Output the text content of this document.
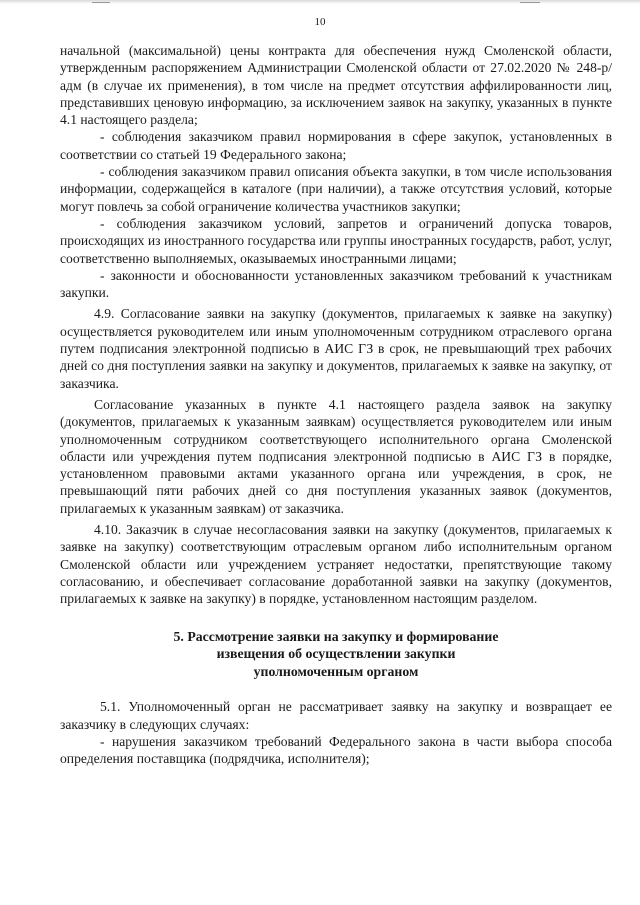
10

начальной (максимальной) цены контракта для обеспечения нужд Смоленской области, утвержденным распоряжением Администрации Смоленской области от 27.02.2020 № 248-р/адм (в случае их применения), в том числе на предмет отсутствия аффилированности лиц, представивших ценовую информацию, за исключением заявок на закупку, указанных в пункте 4.1 настоящего раздела;

- соблюдения заказчиком правил нормирования в сфере закупок, установленных в соответствии со статьей 19 Федерального закона;

- соблюдения заказчиком правил описания объекта закупки, в том числе использования информации, содержащейся в каталоге (при наличии), а также отсутствия условий, которые могут повлечь за собой ограничение количества участников закупки;

- соблюдения заказчиком условий, запретов и ограничений допуска товаров, происходящих из иностранного государства или группы иностранных государств, работ, услуг, соответственно выполняемых, оказываемых иностранными лицами;

- законности и обоснованности установленных заказчиком требований к участникам закупки.

4.9. Согласование заявки на закупку (документов, прилагаемых к заявке на закупку) осуществляется руководителем или иным уполномоченным сотрудником отраслевого органа путем подписания электронной подписью в АИС ГЗ в срок, не превышающий трех рабочих дней со дня поступления заявки на закупку и документов, прилагаемых к заявке на закупку, от заказчика.

Согласование указанных в пункте 4.1 настоящего раздела заявок на закупку (документов, прилагаемых к указанным заявкам) осуществляется руководителем или иным уполномоченным сотрудником соответствующего исполнительного органа Смоленской области или учреждения путем подписания электронной подписью в АИС ГЗ в порядке, установленном правовыми актами указанного органа или учреждения, в срок, не превышающий пяти рабочих дней со дня поступления указанных заявок (документов, прилагаемых к указанным заявкам) от заказчика.

4.10. Заказчик в случае несогласования заявки на закупку (документов, прилагаемых к заявке на закупку) соответствующим отраслевым органом либо исполнительным органом Смоленской области или учреждением устраняет недостатки, препятствующие такому согласованию, и обеспечивает согласование доработанной заявки на закупку (документов, прилагаемых к заявке на закупку) в порядке, установленном настоящим разделом.

5. Рассмотрение заявки на закупку и формирование
извещения об осуществлении закупки
уполномоченным органом

5.1. Уполномоченный орган не рассматривает заявку на закупку и возвращает ее заказчику в следующих случаях:

- нарушения заказчиком требований Федерального закона в части выбора способа определения поставщика (подрядчика, исполнителя);
